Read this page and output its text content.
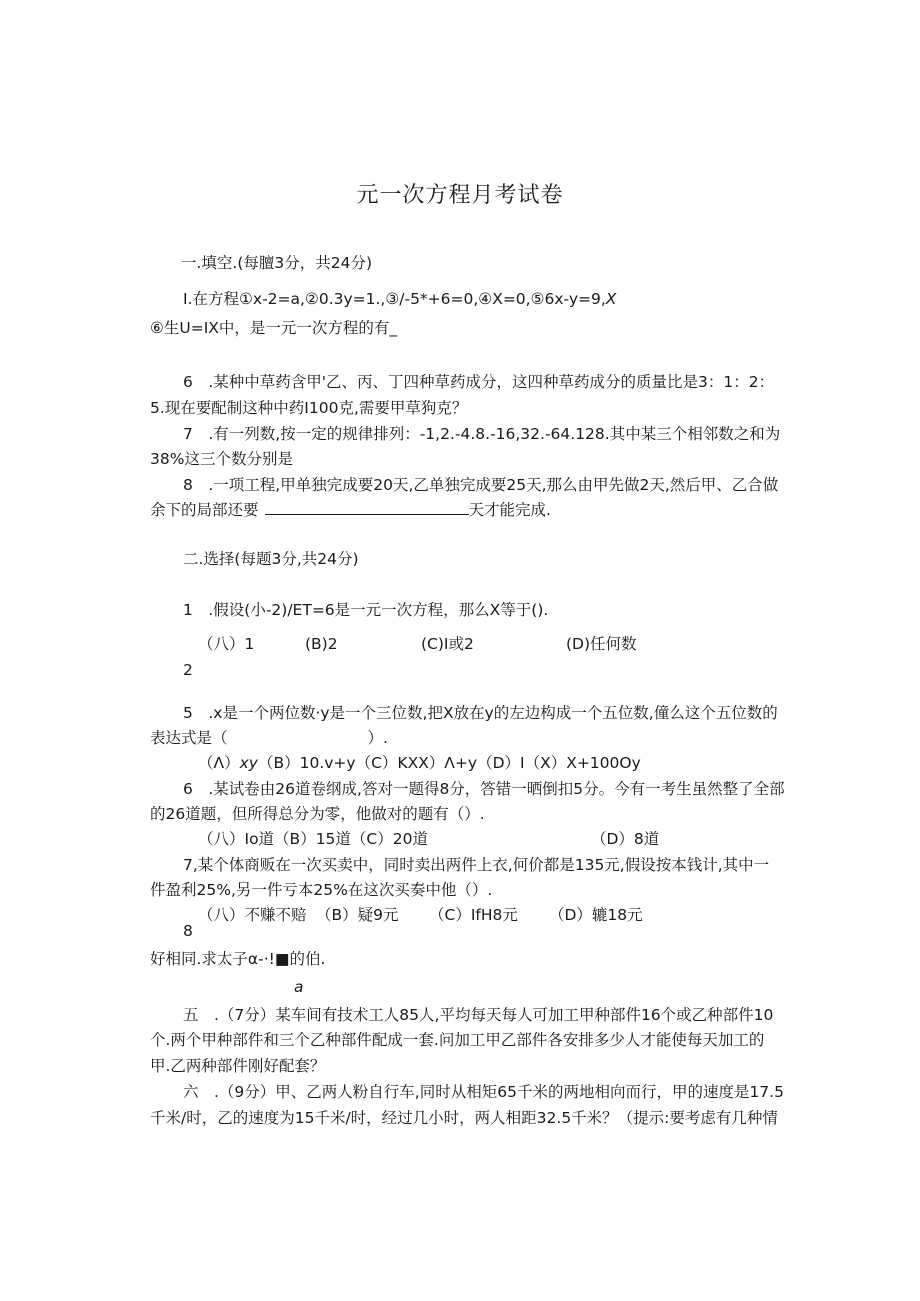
元一次方程月考试卷
一.填空.(每膻3分，共24分)
I.在方程①x-2=a,②0.3y=1.,③/-5*+6=0,④X=0,⑤6x-y=9,X
⑥生U=IX中，是一元一次方程的有_
6　.某种中草药含甲'乙、丙、丁四种草药成分，这四种草药成分的质量比是3：1：2：
5.现在要配制这种中药I100克,需要甲草狗克？
7　.有一列数,按一定的规律排列：-1,2.-4.8.-16,32.-64.128.其中某三个相邻数之和为
38%这三个数分别是
8　.一项工程,甲单独完成要20天,乙单独完成要25天,那么由甲先做2天,然后甲、乙合做
余下的局部还要	天才能完成.
二.选择(每题3分,共24分)
1　.假设(小-2)/ET=6是一元一次方程，那么X等于().
（八）1	(B)2	(C)I或2	(D)任何数
2
5　.x是一个两位数·y是一个三位数,把X放在y的左边构成一个五位数,僮么这个五位数的
表达式是（	）.
（Λ）xy（B）10.v+y（C）KXX）Λ+y（D）I（X）X+100Oy
6　.某试卷由26道卷纲成,答对一题得8分，答错一晒倒扣5分。今有一考生虽然整了全部
的26道题，但所得总分为零，他做对的题有（）.
（八）Io道（B）15道（C）20道	（D）8道
7,某个体商贩在一次买卖中，同时卖出两件上衣,何价都是135元,假设按本钱计,其中一
件盈利25%,另一件亏本25%在这次买奏中他（）.
（八）不赚不赔 （B）疑9元 （C）IfH8元 （D）辘18元
8
好相同.求太子α-·!■的伯.
a
五　.（7分）某车间有技术工人85人,平均每天每人可加工甲种部件16个或乙种部件10
个.两个甲种部件和三个乙种部件配成一套.问加工甲乙部件各安排多少人才能使每天加工的
甲.乙两种部件刚好配套？
六　.（9分）甲、乙两人粉自行车,同时从相矩65千米的两地相向而行，甲的速度是17.5
千米/时，乙的速度为15千米/时，经过几小时，两人相距32.5千米？（提示:要考虑有几种情
